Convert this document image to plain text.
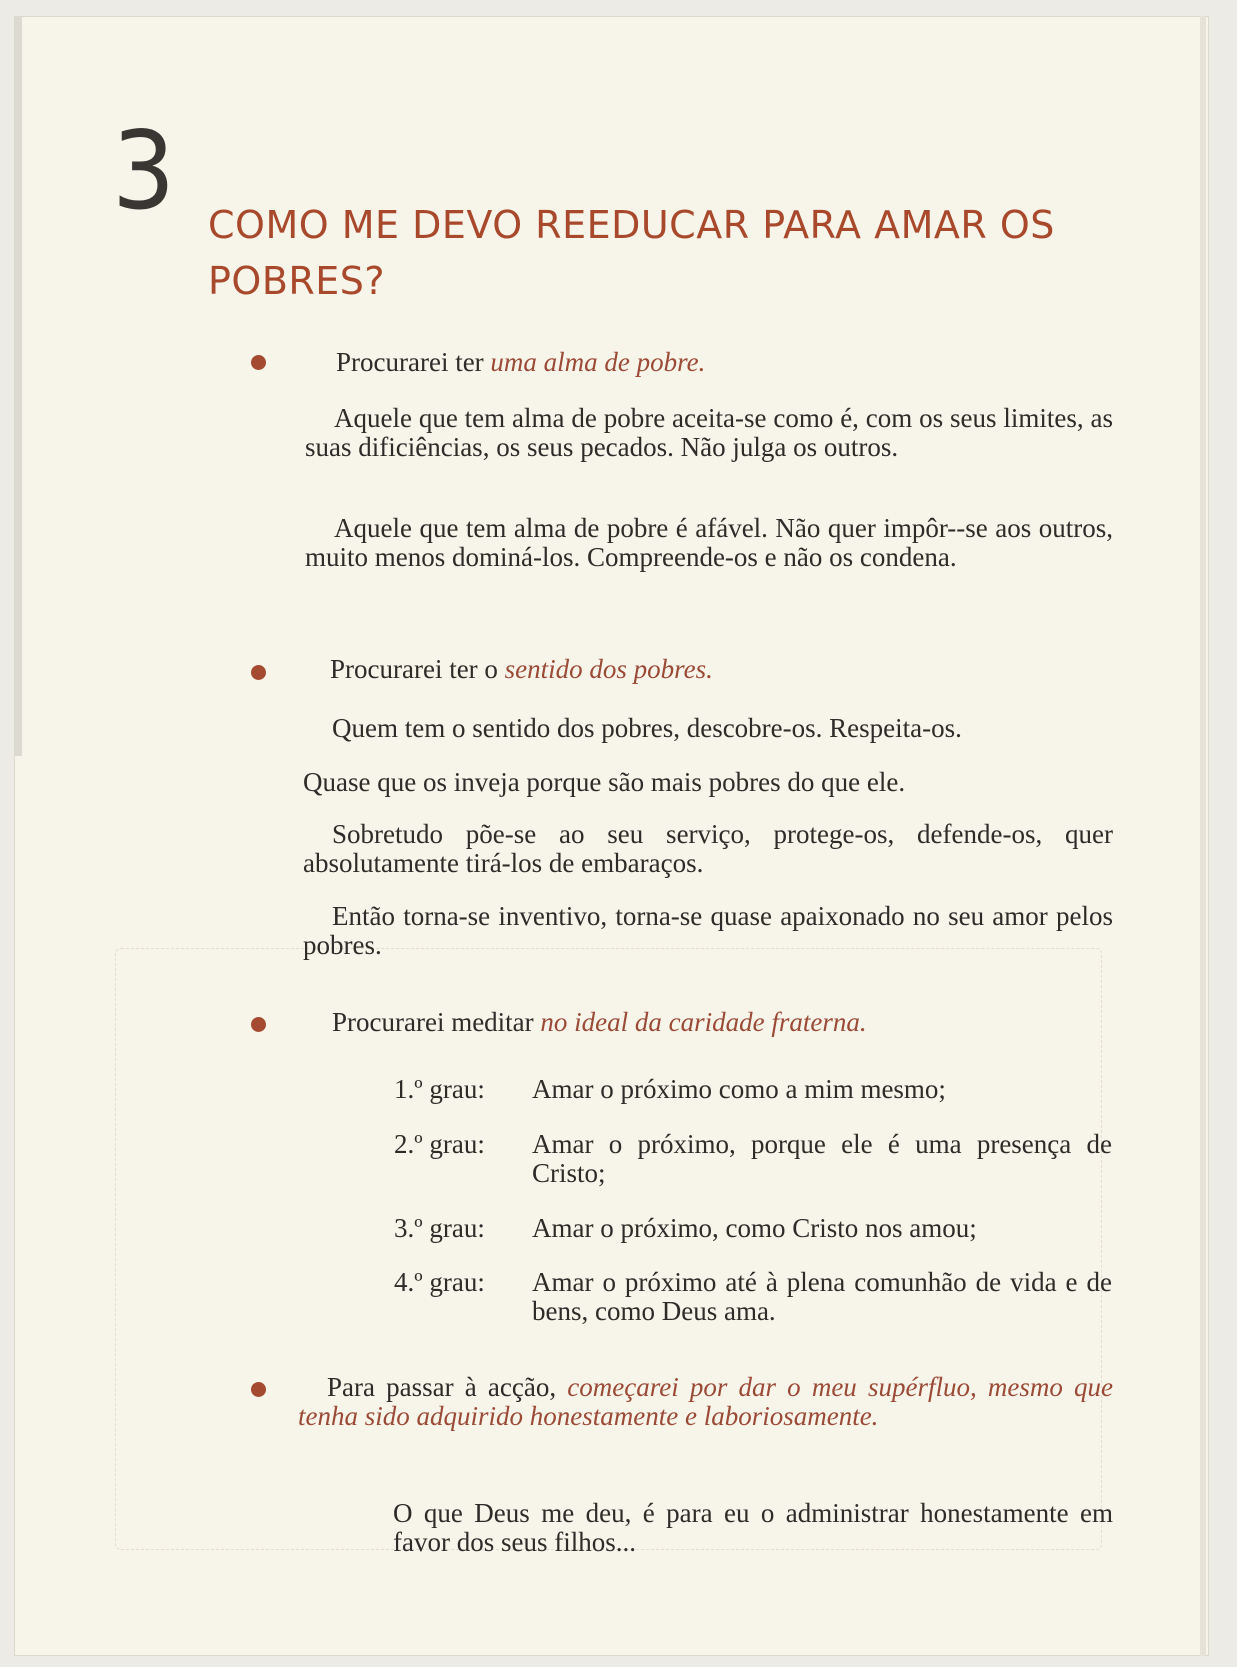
3 COMO ME DEVO REEDUCAR PARA AMAR OS POBRES?
Procurarei ter uma alma de pobre.
Aquele que tem alma de pobre aceita-se como é, com os seus limites, as suas dificiências, os seus pecados. Não julga os outros.
Aquele que tem alma de pobre é afável. Não quer impôr--se aos outros, muito menos dominá-los. Compreende-os e não os condena.
Procurarei ter o sentido dos pobres.
Quem tem o sentido dos pobres, descobre-os. Respeita-os.
Quase que os inveja porque são mais pobres do que ele.
Sobretudo põe-se ao seu serviço, protege-os, defende-os, quer absolutamente tirá-los de embaraços.
Então torna-se inventivo, torna-se quase apaixonado no seu amor pelos pobres.
Procurarei meditar no ideal da caridade fraterna.
1.º grau: Amar o próximo como a mim mesmo;
2.º grau: Amar o próximo, porque ele é uma presença de Cristo;
3.º grau: Amar o próximo, como Cristo nos amou;
4.º grau: Amar o próximo até à plena comunhão de vida e de bens, como Deus ama.
Para passar à acção, começarei por dar o meu supérfluo, mesmo que tenha sido adquirido honestamente e laboriosamente.
O que Deus me deu, é para eu o administrar honestamente em favor dos seus filhos...
